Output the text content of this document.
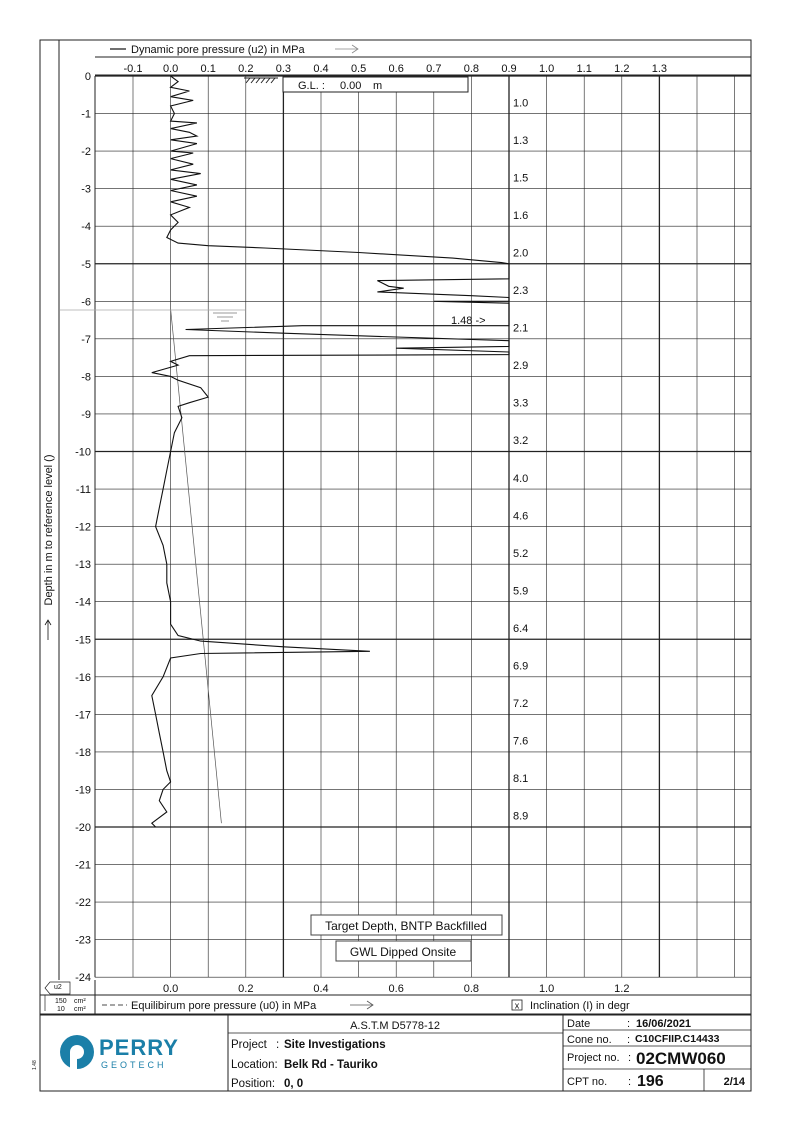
Dynamic pore pressure (u2) in MPa
-0.1 0.0 0.1 0.2 0.3 0.4 0.5 0.6 0.7 0.8 0.9 1.0 1.1 1.2 1.3
0
-1
-2
-3
-4
-5
-6
-7
-8
-9
-10
-11
-12
-13
-14
-15
-16
-17
-18
-19
-20
-21
-22
-23
-24
0.0	0.2	0.4	0.6	0.8	1.0	1.2
1.0
1.3
1.5
1.6
2.0
2.3
2.1
2.9
3.3
3.2
4.0
4.6
5.2
5.9
6.4
6.9
7.2
7.6
8.1
8.9
G.L. : 0.00 m
1.48 ->
Target Depth, BNTP Backfilled
GWL Dipped Onsite
Depth in m to reference level ()
u2
150 cm²
10 cm²	Equilibirum pore pressure (u0) in MPa	x Inclination (I) in degr
PERRY
GEOTECH
1.48
A.S.T.M D5778-12
Project : Site Investigations
Location: Belk Rd - Tauriko
Position: 0, 0
Date	: 16/06/2021
Cone no. : C10CFIIP.C14433
Project no. : 02CMW060
CPT no. : 196	2/14
